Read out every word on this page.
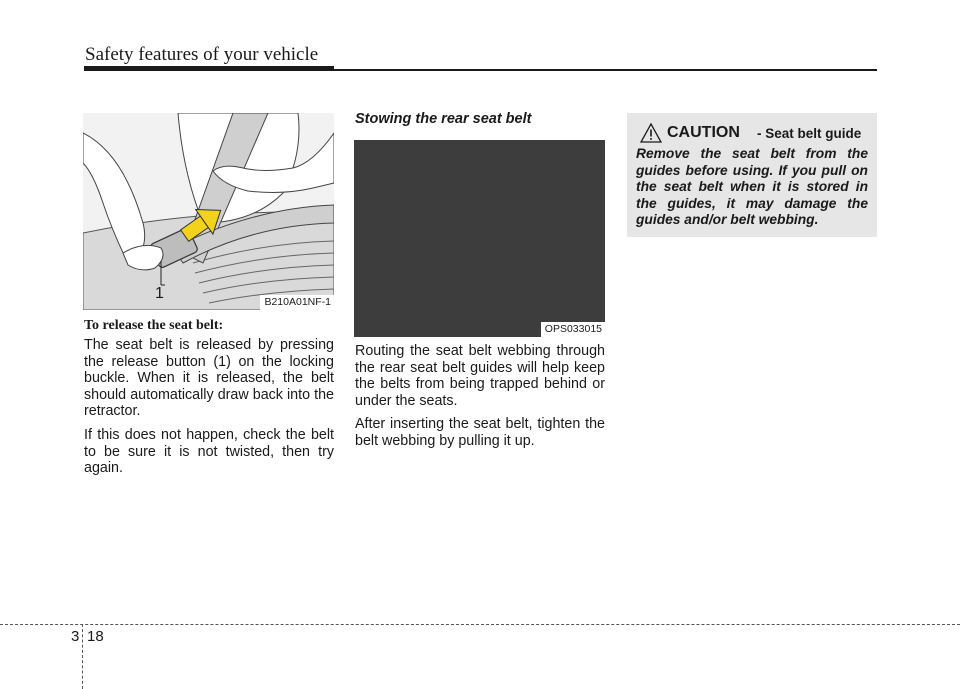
Safety features of your vehicle
1	B210A01NF-1
To release the seat belt:

The seat belt is released by pressing the release button (1) on the locking buckle. When it is released, the belt should automatically draw back into the retractor.

If this does not happen, check the belt to be sure it is not twisted, then try again.

Stowing the rear seat belt
OPS033015

Routing the seat belt webbing through the rear seat belt guides will help keep the belts from being trapped behind or under the seats.

After inserting the seat belt, tighten the belt webbing by pulling it up.

CAUTION - Seat belt guide
Remove the seat belt from the guides before using. If you pull on the seat belt when it is stored in the guides, it may damage the guides and/or belt webbing.
3 18
